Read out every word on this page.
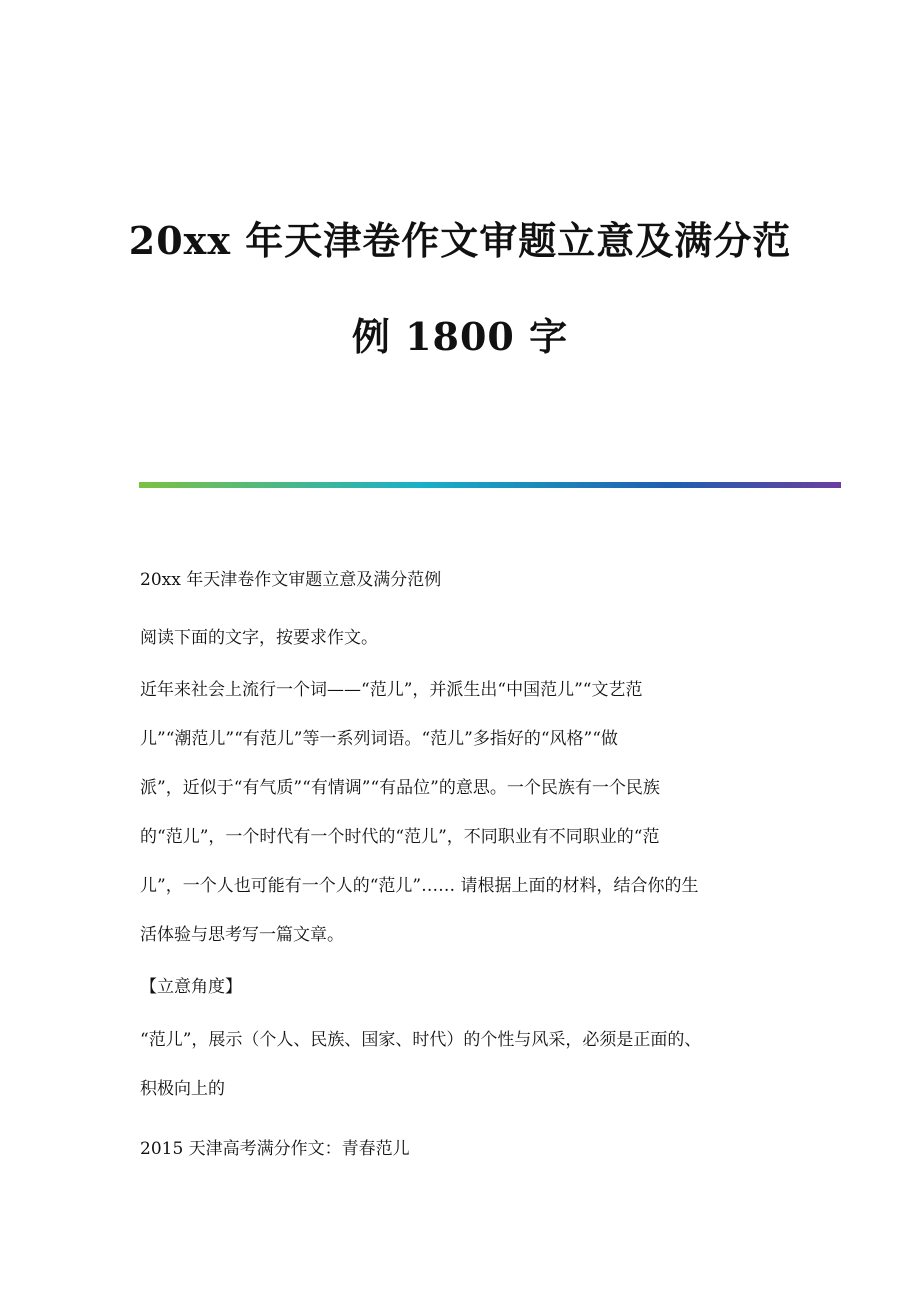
20xx 年天津卷作文审题立意及满分范
例 1800 字
20xx 年天津卷作文审题立意及满分范例
阅读下面的文字，按要求作文。
近年来社会上流行一个词——“范儿”，并派生出“中国范儿”“文艺范
儿”“潮范儿”“有范儿”等一系列词语。“范儿”多指好的“风格”“做
派”，近似于“有气质”“有情调”“有品位”的意思。一个民族有一个民族
的“范儿”，一个时代有一个时代的“范儿”，不同职业有不同职业的“范
儿”，一个人也可能有一个人的“范儿”…… 请根据上面的材料，结合你的生
活体验与思考写一篇文章。
【立意角度】
“范儿”，展示（个人、民族、国家、时代）的个性与风采，必须是正面的、
积极向上的
2015 天津高考满分作文：青春范儿
